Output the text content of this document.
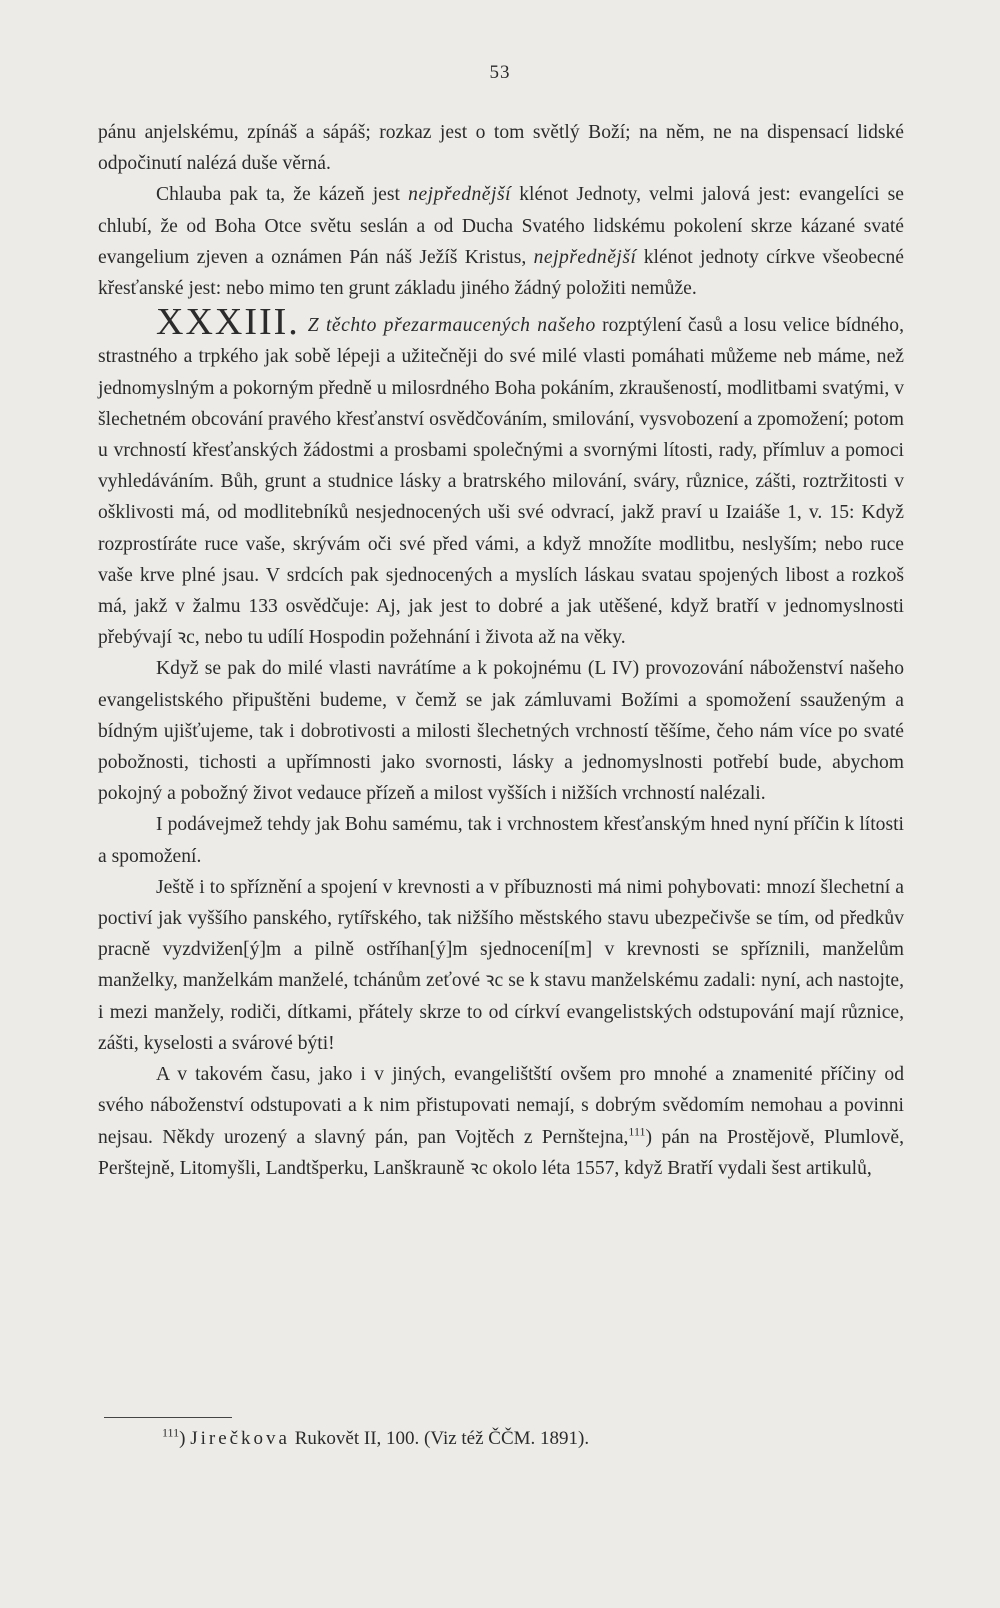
53

pánu anjelskému, zpínáš a sápáš; rozkaz jest o tom světlý Boží; na něm, ne na dispensací lidské odpočinutí nalézá duše věrná.

Chlauba pak ta, že kázeň jest nejpřednější klénot Jednoty, velmi jalová jest: evangelíci se chlubí, že od Boha Otce světu seslán a od Ducha Svatého lidskému pokolení skrze kázané svaté evangelium zjeven a oznámen Pán náš Ježíš Kristus, nejpřednější klénot jednoty církve všeobecné křesťanské jest: nebo mimo ten grunt základu jiného žádný položiti nemůže.

XXXIII. Z těchto přezarmaucených našeho rozptýlení časů a losu velice bídného, strastného a trpkého jak sobě lépeji a užitečněji do své milé vlasti pomáhati můžeme neb máme, než jednomyslným a pokorným předně u milosrdného Boha pokáním, zkraušeností, modlitbami svatými, v šlechetném obcování pravého křesťanství osvědčováním, smilování, vysvobození a zpomožení; potom u vrchností křesťanských žádostmi a prosbami společnými a svornými lítosti, rady, přímluv a pomoci vyhledáváním. Bůh, grunt a studnice lásky a bratrského milování, sváry, různice, zášti, roztržitosti v ošklivosti má, od modlitebníků nesjednocených uši své odvrací, jakž praví u Izaiáše 1, v. 15: Když rozprostíráte ruce vaše, skrývám oči své před vámi, a když množíte modlitbu, neslyším; nebo ruce vaše krve plné jsau. V srdcích pak sjednocených a myslích láskau svatau spojených libost a rozkoš má, jakž v žalmu 133 osvědčuje: Aj, jak jest to dobré a jak utěšené, když bratří v jednomyslnosti přebývají ꝛc, nebo tu udílí Hospodin požehnání i života až na věky.

Když se pak do milé vlasti navrátíme a k pokojnému (L IV) provozování náboženství našeho evangelistského připuštěni budeme, v čemž se jak zámluvami Božími a spomožení ssauženým a bídným ujišťujeme, tak i dobrotivosti a milosti šlechetných vrchností těšíme, čeho nám více po svaté pobožnosti, tichosti a upřímnosti jako svornosti, lásky a jednomyslnosti potřebí bude, abychom pokojný a pobožný život vedauce přízeň a milost vyšších i nižších vrchností nalézali.

I podávejmež tehdy jak Bohu samému, tak i vrchnostem křesťanským hned nyní příčin k lítosti a spomožení.

Ještě i to spříznění a spojení v krevnosti a v příbuznosti má nimi pohybovati: mnozí šlechetní a poctiví jak vyššího panského, rytířského, tak nižšího městského stavu ubezpečivše se tím, od předkův pracně vyzdvižen[ý]m a pilně ostříhan[ý]m sjednocení[m] v krevnosti se spříznili, manželům manželky, manželkám manželé, tchánům zeťové ꝛc se k stavu manželskému zadali: nyní, ach nastojte, i mezi manžely, rodiči, dítkami, přátely skrze to od církví evangelistských odstupování mají různice, zášti, kyselosti a svárové býti!

A v takovém času, jako i v jiných, evangelištští ovšem pro mnohé a znamenité příčiny od svého náboženství odstupovati a k nim přistupovati nemají, s dobrým svědomím nemohau a povinni nejsau. Někdy urozený a slavný pán, pan Vojtěch z Pernštejna,$^{111}$) pán na Prostějově, Plumlově, Perštejně, Litomyšli, Landtšperku, Lanškrauně ꝛc okolo léta 1557, když Bratří vydali šest artikulů,

$^{111}$) Jirečkova Rukovět II, 100. (Viz též ČČM. 1891).
